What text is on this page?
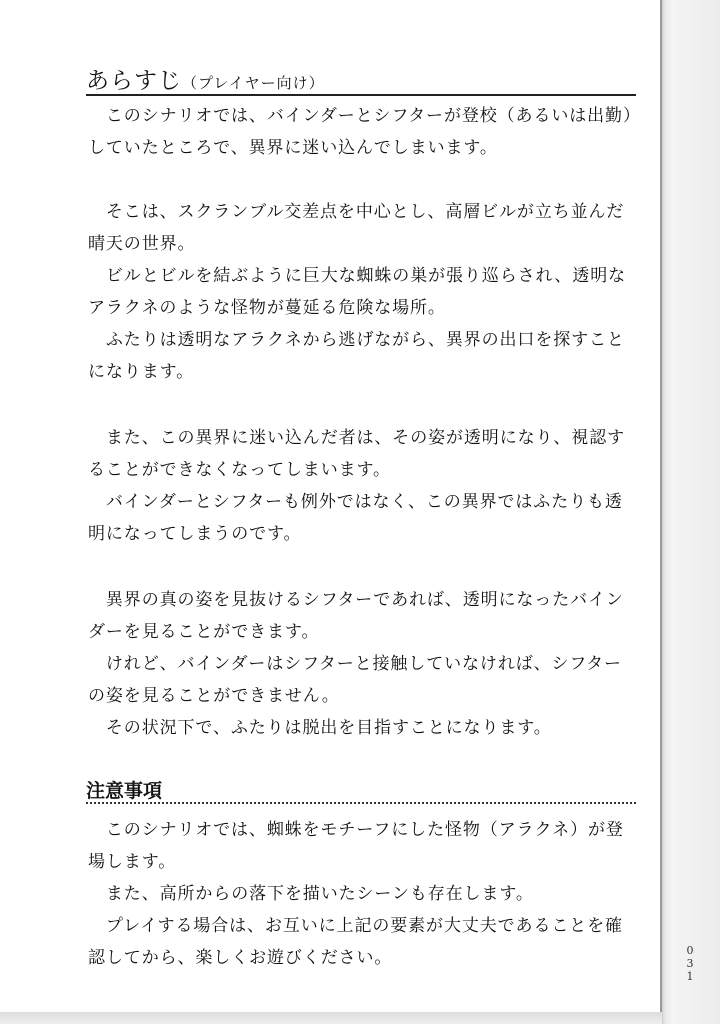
あらすじ（プレイヤー向け）

　このシナリオでは、バインダーとシフターが登校（あるいは出勤）
していたところで、異界に迷い込んでしまいます。

　そこは、スクランブル交差点を中心とし、高層ビルが立ち並んだ
晴天の世界。

　ビルとビルを結ぶように巨大な蜘蛛の巣が張り巡らされ、透明な
アラクネのような怪物が蔓延る危険な場所。

　ふたりは透明なアラクネから逃げながら、異界の出口を探すこと
になります。

　また、この異界に迷い込んだ者は、その姿が透明になり、視認す
ることができなくなってしまいます。

　バインダーとシフターも例外ではなく、この異界ではふたりも透
明になってしまうのです。

　異界の真の姿を見抜けるシフターであれば、透明になったバイン
ダーを見ることができます。

　けれど、バインダーはシフターと接触していなければ、シフター
の姿を見ることができません。

　その状況下で、ふたりは脱出を目指すことになります。

注意事項

　このシナリオでは、蜘蛛をモチーフにした怪物（アラクネ）が登
場します。

　また、高所からの落下を描いたシーンも存在します。

　プレイする場合は、お互いに上記の要素が大丈夫であることを確
認してから、楽しくお遊びください。	0
3
1
